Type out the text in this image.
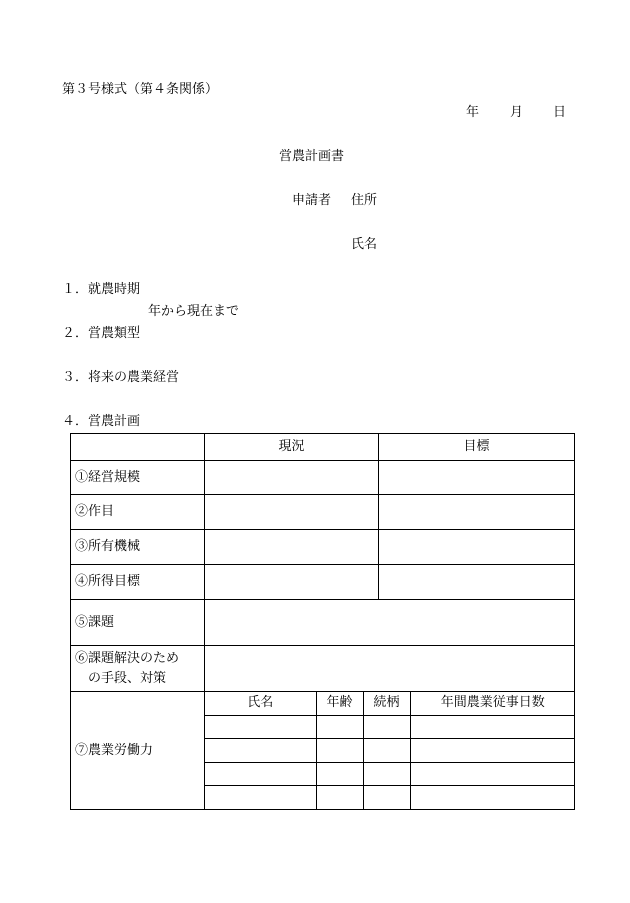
第３号様式（第４条関係）
年 月 日
営農計画書
申請者 住所
氏名
１．就農時期
年から現在まで
２．営農類型
３．将来の農業経営
４．営農計画
	現況	目標
①経営規模		
②作目		
③所有機械		
④所得目標		
⑤課題	

⑥課題解決のため
の手段、対策

⑦農業労働力	
氏名	年齢	続柄	年間農業従事日数
